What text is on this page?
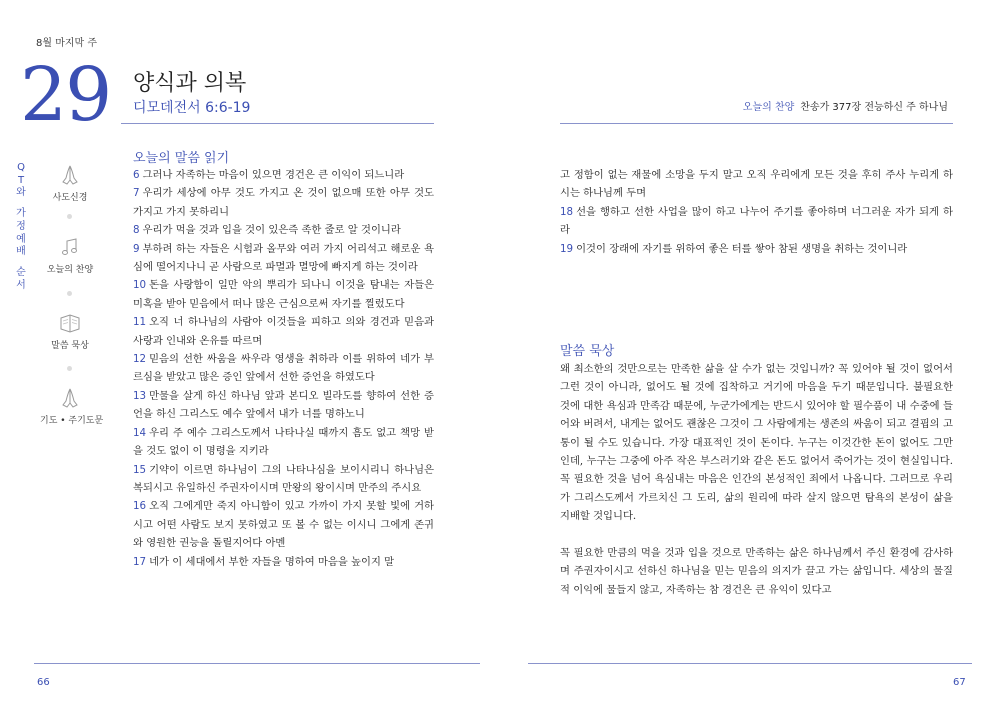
8월 마지막 주
29 양식과 의복
디모데전서 6:6-19	오늘의 찬양 찬송가 377장 전능하신 주 하나님
Q
T
와
가
정
예
배
순
서
사도신경
오늘의 찬양
말씀 묵상
기도 • 주기도문
오늘의 말씀 읽기

6 그러나 자족하는 마음이 있으면 경건은 큰 이익이 되느니라

7 우리가 세상에 아무 것도 가지고 온 것이 없으매 또한 아무 것도 가지고 가지 못하리니

8 우리가 먹을 것과 입을 것이 있은즉 족한 줄로 알 것이니라

9 부하려 하는 자들은 시험과 올무와 여러 가지 어리석고 해로운 욕심에 떨어지나니 곧 사람으로 파멸과 멸망에 빠지게 하는 것이라

10 돈을 사랑함이 일만 악의 뿌리가 되나니 이것을 탐내는 자들은 미혹을 받아 믿음에서 떠나 많은 근심으로써 자기를 찔렀도다

11 오직 너 하나님의 사람아 이것들을 피하고 의와 경건과 믿음과 사랑과 인내와 온유를 따르며

12 믿음의 선한 싸움을 싸우라 영생을 취하라 이를 위하여 네가 부르심을 받았고 많은 증인 앞에서 선한 증언을 하였도다

13 만물을 살게 하신 하나님 앞과 본디오 빌라도를 향하여 선한 증언을 하신 그리스도 예수 앞에서 내가 너를 명하노니

14 우리 주 예수 그리스도께서 나타나실 때까지 흠도 없고 책망 받을 것도 없이 이 명령을 지키라

15 기약이 이르면 하나님이 그의 나타나심을 보이시리니 하나님은 복되시고 유일하신 주권자이시며 만왕의 왕이시며 만주의 주시요

16 오직 그에게만 죽지 아니함이 있고 가까이 가지 못할 빛에 거하시고 어떤 사람도 보지 못하였고 또 볼 수 없는 이시니 그에게 존귀와 영원한 권능을 돌릴지어다 아멘

17 네가 이 세대에서 부한 자들을 명하여 마음을 높이지 말

고 정함이 없는 재물에 소망을 두지 말고 오직 우리에게 모든 것을 후히 주사 누리게 하시는 하나님께 두며

18 선을 행하고 선한 사업을 많이 하고 나누어 주기를 좋아하며 너그러운 자가 되게 하라

19 이것이 장래에 자기를 위하여 좋은 터를 쌓아 참된 생명을 취하는 것이니라

말씀 묵상

왜 최소한의 것만으로는 만족한 삶을 살 수가 없는 것입니까? 꼭 있어야 될 것이 없어서 그런 것이 아니라, 없어도 될 것에 집착하고 거기에 마음을 두기 때문입니다. 불필요한 것에 대한 욕심과 만족감 때문에, 누군가에게는 반드시 있어야 할 필수품이 내 수중에 들어와 버려서, 내게는 없어도 괜찮은 그것이 그 사람에게는 생존의 싸움이 되고 결핍의 고통이 될 수도 있습니다. 가장 대표적인 것이 돈이다. 누구는 이것간한 돈이 없어도 그만인데, 누구는 그중에 아주 작은 부스러기와 같은 돈도 없어서 죽어가는 것이 현실입니다. 꼭 필요한 것을 넘어 욕심내는 마음은 인간의 본성적인 죄에서 나옵니다. 그러므로 우리가 그리스도께서 가르치신 그 도리, 삶의 원리에 따라 살지 않으면 탐욕의 본성이 삶을 지배할 것입니다.

꼭 필요한 만큼의 먹을 것과 입을 것으로 만족하는 삶은 하나님께서 주신 환경에 감사하며 주권자이시고 선하신 하나님을 믿는 믿음의 의지가 끌고 가는 삶입니다. 세상의 물질적 이익에 물들지 않고, 자족하는 참 경건은 큰 유익이 있다고

66	67
